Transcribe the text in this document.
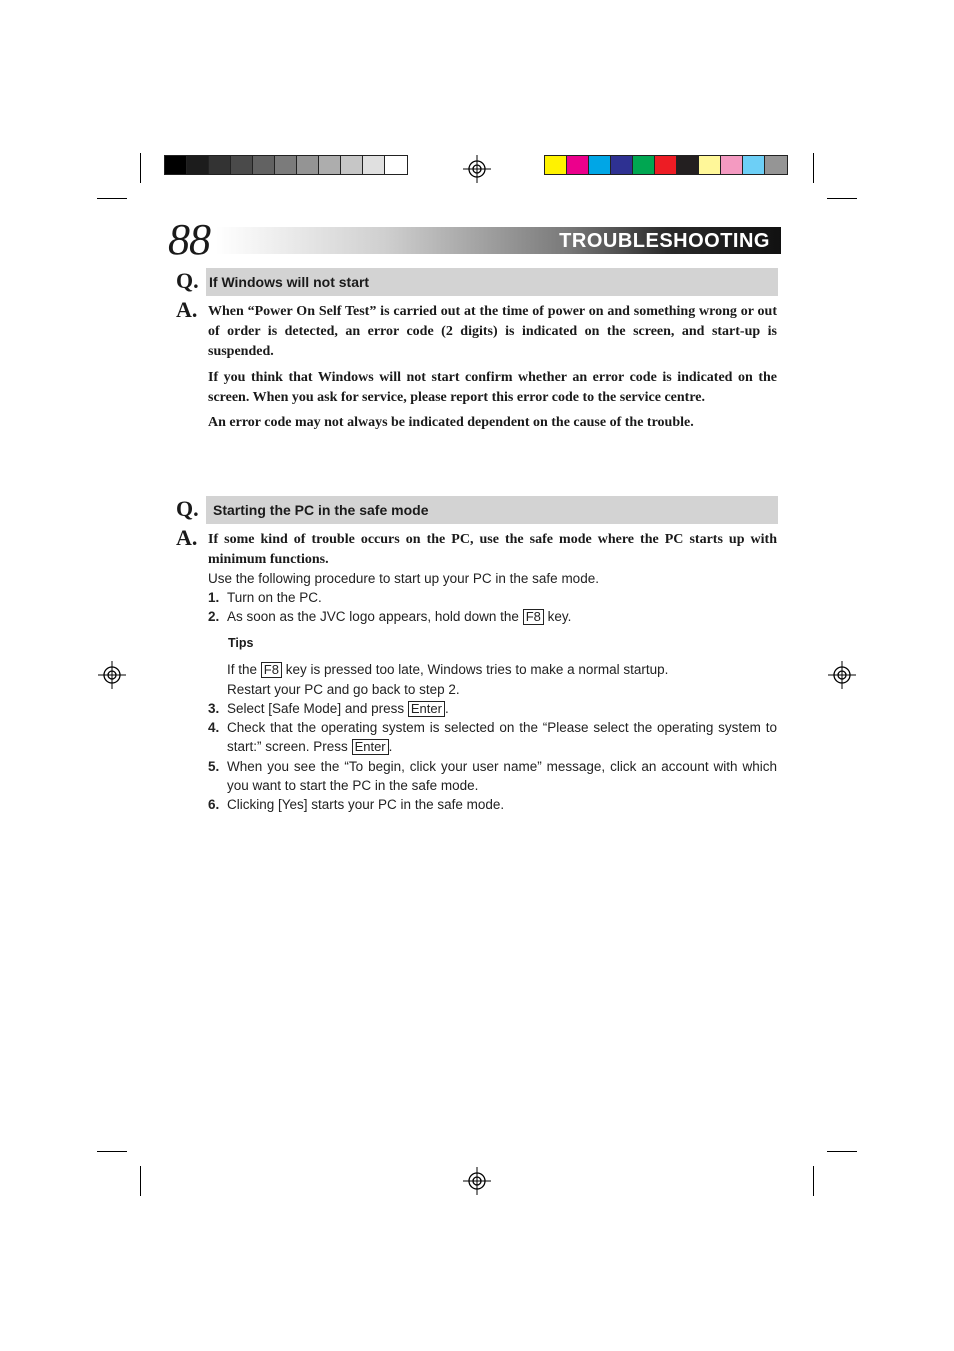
88	TROUBLESHOOTING
Q. If Windows will not start
A. When “Power On Self Test” is carried out at the time of power on and something wrong or out of order is detected, an error code (2 digits) is indicated on the screen, and start-up is suspended.

If you think that Windows will not start confirm whether an error code is indicated on the screen. When you ask for service, please report this error code to the service centre.

An error code may not always be indicated dependent on the cause of the trouble.

Q.	Starting the PC in the safe mode
A. If some kind of trouble occurs on the PC, use the safe mode where the PC starts up with minimum functions.

Use the following procedure to start up your PC in the safe mode.

1. Turn on the PC.
2. As soon as the JVC logo appears, hold down the F8 key.
Tips
If the F8 key is pressed too late, Windows tries to make a normal startup.
Restart your PC and go back to step 2.
3. Select [Safe Mode] and press Enter .
4. Check that the operating system is selected on the “Please select the operating system to start:” screen. Press Enter .
5. When you see the “To begin, click your user name” message, click an account with which you want to start the PC in the safe mode.
6. Clicking [Yes] starts your PC in the safe mode.
